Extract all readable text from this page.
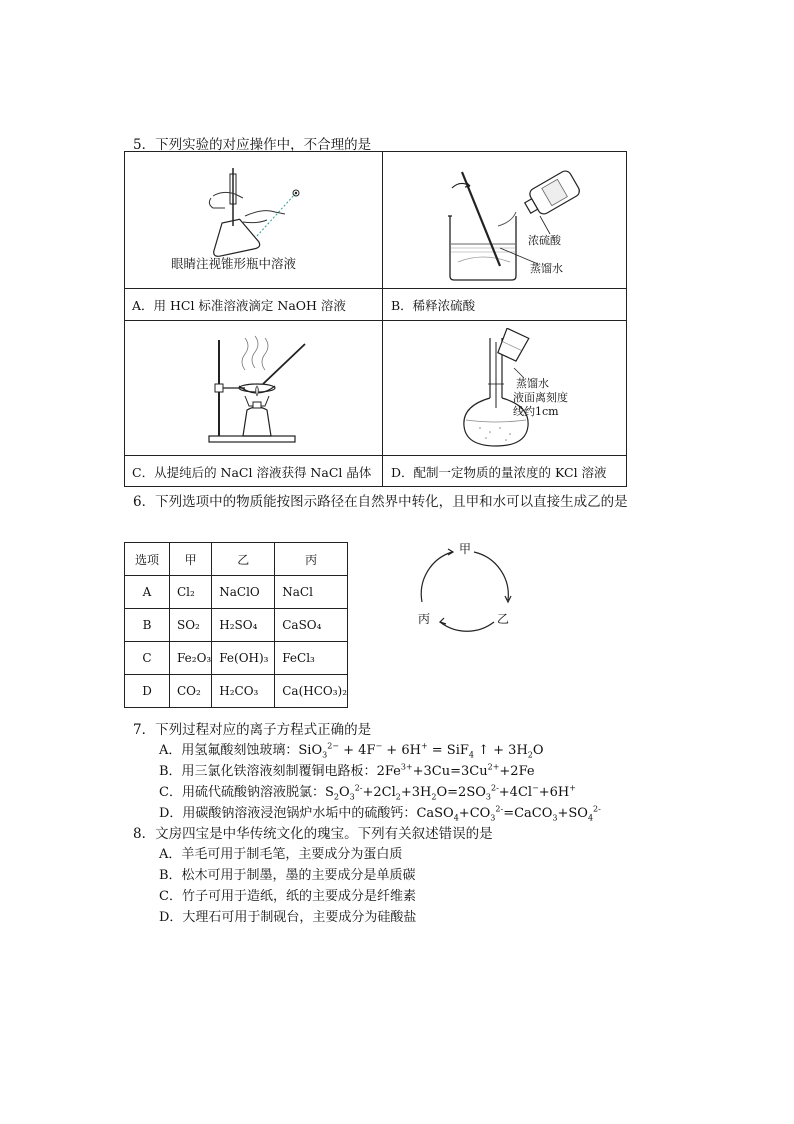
5．下列实验的对应操作中，不合理的是
眼睛注视锥形瓶中溶液
A．用 HCl 标准溶液滴定 NaOH 溶液
浓硫酸
蒸馏水
B．稀释浓硫酸
C．从提纯后的 NaCl 溶液获得 NaCl 晶体
蒸馏水
液面离刻度
线约1cm
D．配制一定物质的量浓度的 KCl 溶液
6．下列选项中的物质能按图示路径在自然界中转化，且甲和水可以直接生成乙的是
选项	甲	乙	丙
A	Cl₂	NaClO	NaCl
B	SO₂	H₂SO₄	CaSO₄
C	Fe₂O₃	Fe(OH)₃	FeCl₃
D	CO₂	H₂CO₃	Ca(HCO₃)₂
甲
乙
丙
7．下列过程对应的离子方程式正确的是
A．用氢氟酸刻蚀玻璃：SiO$_3^{2-}$ + 4F− + 6H+ = SiF$_4$ ↑ + $3H_2O$
B．用三氯化铁溶液刻制覆铜电路板：$2Fe^{3+}+3Cu=3Cu^{2+}+2Fe$
C．用硫代硫酸钠溶液脱氯：$S_2O_3^{2-}+2Cl_2+3H_2O=2SO_3^{2-}+4Cl^-+6H^+$
D．用碳酸钠溶液浸泡锅炉水垢中的硫酸钙：$CaSO_4+CO_3^{2-}=CaCO_3+SO_4^{2-}$
8．文房四宝是中华传统文化的瑰宝。下列有关叙述错误的是
A．羊毛可用于制毛笔，主要成分为蛋白质
B．松木可用于制墨，墨的主要成分是单质碳
C．竹子可用于造纸，纸的主要成分是纤维素
D．大理石可用于制砚台，主要成分为硅酸盐
